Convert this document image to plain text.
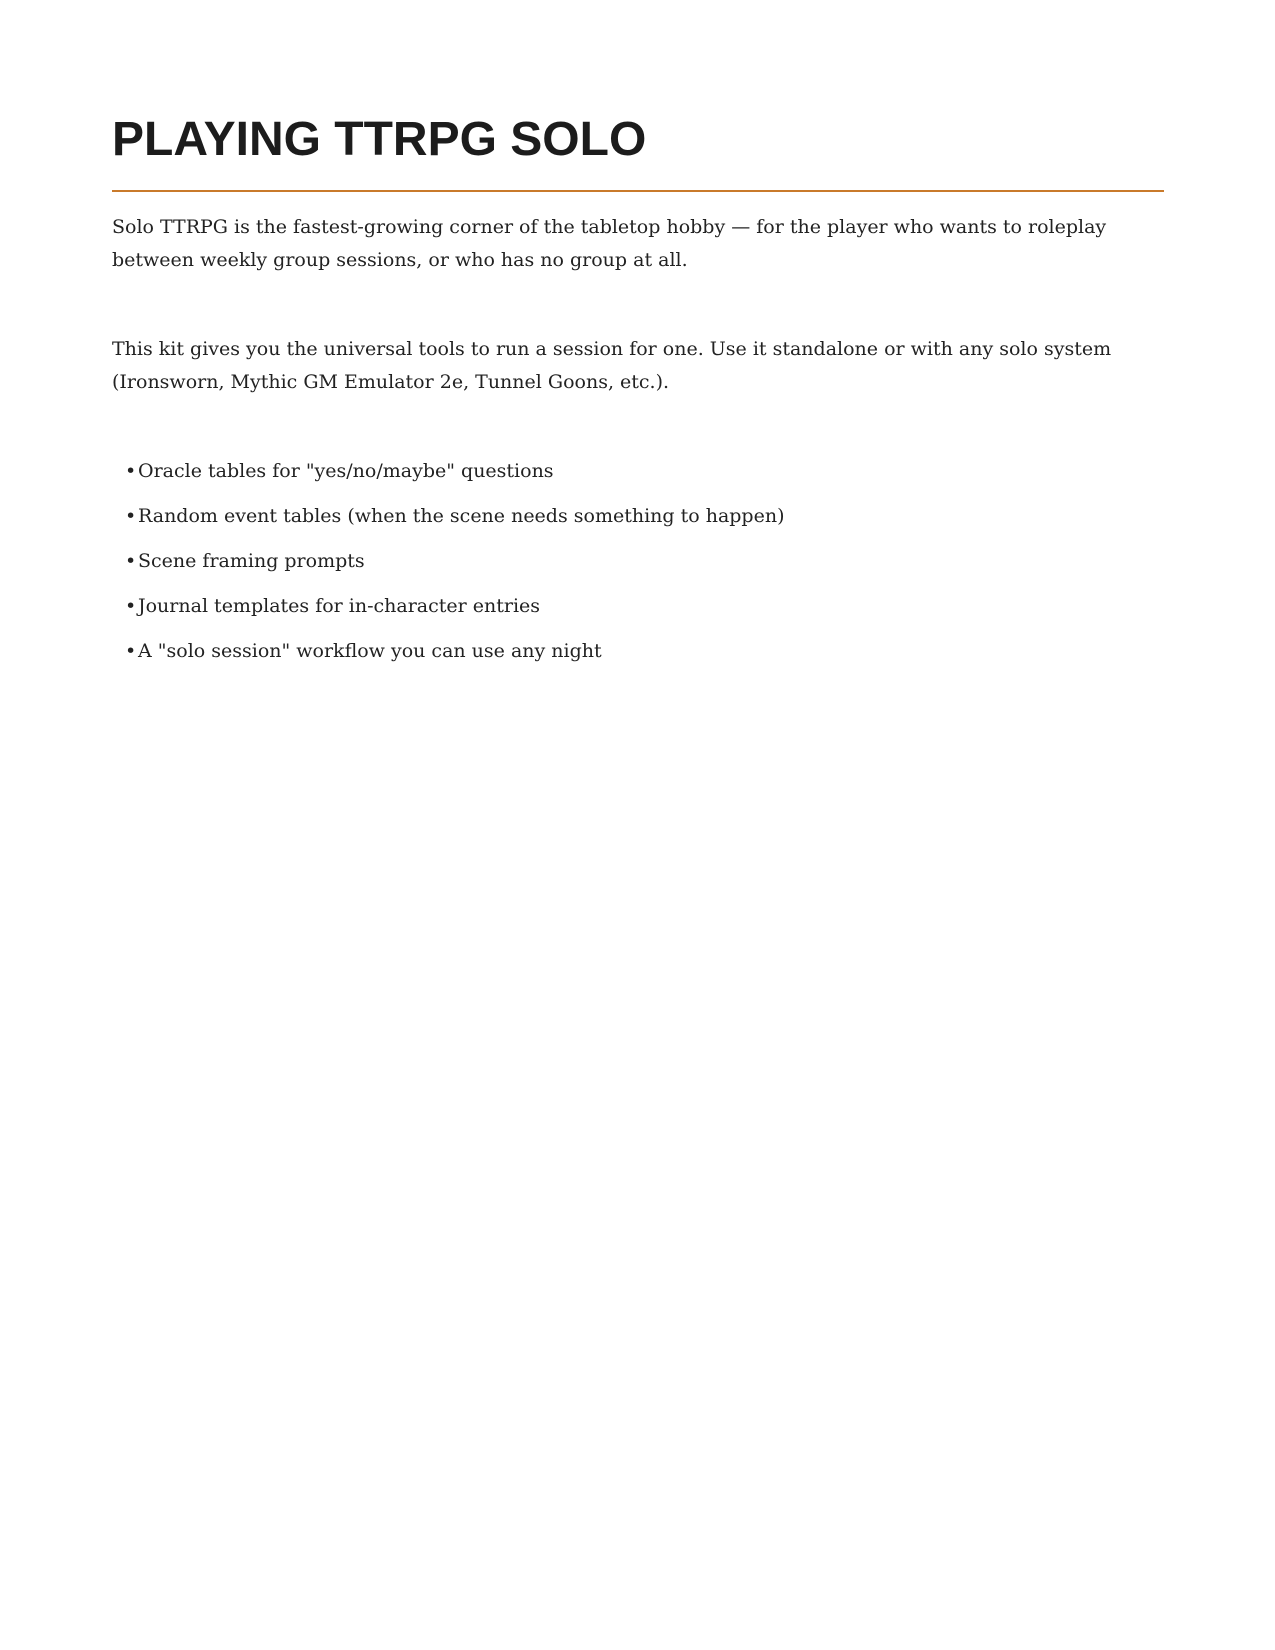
PLAYING TTRPG SOLO

Solo TTRPG is the fastest-growing corner of the tabletop hobby — for the player who wants to roleplay between weekly group sessions, or who has no group at all.

This kit gives you the universal tools to run a session for one. Use it standalone or with any solo system (Ironsworn, Mythic GM Emulator 2e, Tunnel Goons, etc.).

• Oracle tables for "yes/no/maybe" questions
• Random event tables (when the scene needs something to happen)
• Scene framing prompts
• Journal templates for in-character entries
• A "solo session" workflow you can use any night
